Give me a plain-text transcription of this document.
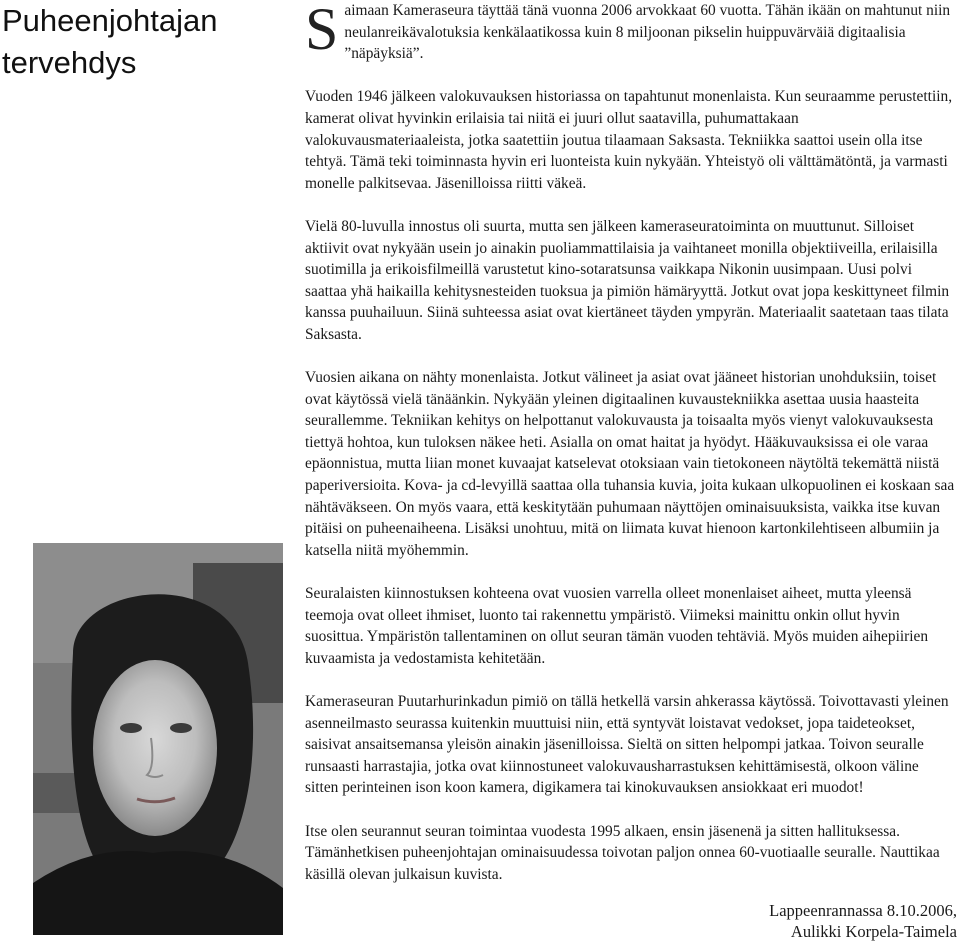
Puheenjohtajan
tervehdys

S aimaan Kameraseura täyttää tänä vuonna 2006 arvokkaat 60 vuotta. Tähän ikään on mahtunut niin neulanreikävalotuksia kenkälaatikossa kuin 8 miljoonan pikselin huippuvärväiä digitaalisia ”näpäyksiä”.

Vuoden 1946 jälkeen valokuvauksen historiassa on tapahtunut monenlaista. Kun seuraamme perustettiin, kamerat olivat hyvinkin erilaisia tai niitä ei juuri ollut saatavilla, puhumattakaan valokuvausmateriaaleista, jotka saatettiin joutua tilaamaan Saksasta. Tekniikka saattoi usein olla itse tehtyä. Tämä teki toiminnasta hyvin eri luonteista kuin nykyään. Yhteistyö oli välttämätöntä, ja varmasti monelle palkitsevaa. Jäsenilloissa riitti väkeä.

Vielä 80-luvulla innostus oli suurta, mutta sen jälkeen kameraseuratoiminta on muuttunut. Silloiset aktiivit ovat nykyään usein jo ainakin puoliammattilaisia ja vaihtaneet monilla objektiiveilla, erilaisilla suotimilla ja erikoisfilmeillä varustetut kino-sotaratsunsa vaikkapa Nikonin uusimpaan. Uusi polvi saattaa yhä haikailla kehitysnesteiden tuoksua ja pimiön hämäryyttä. Jotkut ovat jopa keskittyneet filmin kanssa puuhailuun. Siinä suhteessa asiat ovat kiertäneet täyden ympyrän. Materiaalit saatetaan taas tilata Saksasta.

Vuosien aikana on nähty monenlaista. Jotkut välineet ja asiat ovat jääneet historian unohduksiin, toiset ovat käytössä vielä tänäänkin. Nykyään yleinen digitaalinen kuvaustekniikka asettaa uusia haasteita seurallemme. Tekniikan kehitys on helpottanut valokuvausta ja toisaalta myös vienyt valokuvauksesta tiettyä hohtoa, kun tuloksen näkee heti. Asialla on omat haitat ja hyödyt. Hääkuvauksissa ei ole varaa epäonnistua, mutta liian monet kuvaajat katselevat otoksiaan vain tietokoneen näytöltä tekemättä niistä paperiversioita. Kova- ja cd-levyillä saattaa olla tuhansia kuvia, joita kukaan ulkopuolinen ei koskaan saa nähtäväkseen. On myös vaara, että keskitytään puhumaan näyttöjen ominaisuuksista, vaikka itse kuvan pitäisi on puheenaiheena. Lisäksi unohtuu, mitä on liimata kuvat hienoon kartonkilehtiseen albumiin ja katsella niitä myöhemmin.

Seuralaisten kiinnostuksen kohteena ovat vuosien varrella olleet monenlaiset aiheet, mutta yleensä teemoja ovat olleet ihmiset, luonto tai rakennettu ympäristö. Viimeksi mainittu onkin ollut hyvin suosittua. Ympäristön tallentaminen on ollut seuran tämän vuoden tehtäviä. Myös muiden aihepiirien kuvaamista ja vedostamista kehitetään.

Kameraseuran Puutarhurinkadun pimiö on tällä hetkellä varsin ahkerassa käytössä. Toivottavasti yleinen asenneilmasto seurassa kuitenkin muuttuisi niin, että syntyvät loistavat vedokset, jopa taideteokset, saisivat ansaitsemansa yleisön ainakin jäsenilloissa. Sieltä on sitten helpompi jatkaa. Toivon seuralle runsaasti harrastajia, jotka ovat kiinnostuneet valokuvausharrastuksen kehittämisestä, olkoon väline sitten perinteinen ison koon kamera, digikamera tai kinokuvauksen ansiokkaat eri muodot!

Itse olen seurannut seuran toimintaa vuodesta 1995 alkaen, ensin jäsenenä ja sitten hallituksessa. Tämänhetkisen puheenjohtajan ominaisuudessa toivotan paljon onnea 60-vuotiaalle seuralle. Nauttikaa käsillä olevan julkaisun kuvista.

Lappeenrannassa 8.10.2006,
Aulikki Korpela-Taimela
